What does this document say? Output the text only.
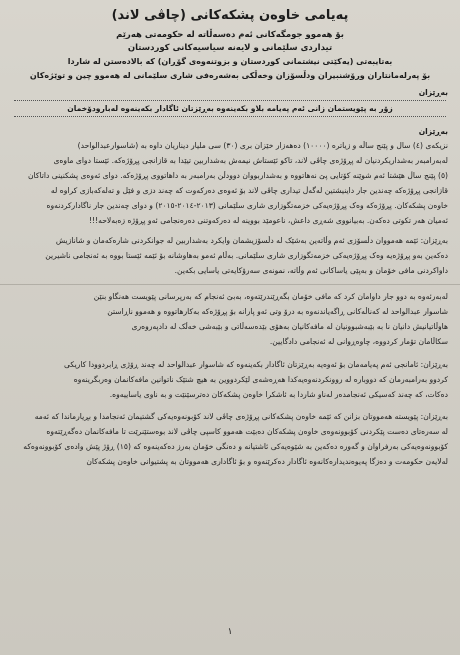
پەیامی خاوەن پشکەکانی (چاڤی لاند)
بۆ هەموو جومگەکانی ئەم دەسەڵاتە لە حکومەتی هەرێم
تیداردی سلێمانی و لایەنە سیاسیەکانی کوردستان
بەتایبەتی (یەکێتی نیشتمانی کوردستان و بزوتنەوەی گۆڕان) کە بالادەستن لە شاردا
بۆ پەرلەمانتاران ورۆشنبیران ودڵسۆزان وخەڵکی بەشەرەفی شاری سلێمانی لە هەموو چین و توێژەکان
بەڕێزان
زۆر بە پێویستمان زانی ئەم پەیامە بلاو بکەینەوە بەڕێزتان ئاگادار بکەینەوە لەبارودۆخمان
بەڕێزان
نزیکەی (٤) سال و پێنج ساڵە و زیاترە (١٠٠٠٠) دەهەزار خێزان بری (٣٠) سی ملیار دیناریان داوە بە (شاسوارعبدالواحد)
لەبەرامبەر بەشداریکردنیان لە پڕۆژەی چاڤی لاند، تاکو ئێستاش نیمەش بەشداربین تیێدا بە قازانجی پڕۆژەکە. ئێستا دوای ماوەی
(٥) پێنج ساڵ هێشتا ئەم شوێنە کۆتایی پێ نەهاتووە و بەشداربووان دوودڵن بەرامبەر بە داهاتووی پڕۆژەکە. دوای ئەوەی پشکنینی داتاکان
قازانجی پڕۆژەکە چەندین جار داینیشتین لەگەڵ تیداری چاڤی لاند بۆ ئەوەی دەرکەوت کە چەند دزی و فێل و تەلەکەبازی کراوە لە
خاوەن پشکەکان. پڕۆژەکە وەک پڕۆژەیەکی خزمەتگوزاری شاری سلێمانی (٢٠١٣-٢٠١٤-٢٠١٥) و دوای چەندین جار ناگادارکردنەوە
ئەمیان هەر تکوتی دەکەن. بەبیانووی شەڕی داعش، ناعومێد بووینە لە دەرکەوتنی دەرەنجامی ئەو پڕۆژە زەبەلاحە!!!
بەڕێزان: ئێمە هەمووان دڵسۆزی ئەم وڵاتەین بەشێک لە دڵسۆزیشمان وایکرد بەشداربین لە جوانکردنی شارەکەمان و شانازیش
دەکەین بەو پڕۆژەیە وەک پڕۆژەیەکی خزمەتگوزاری شاری سلێمانی. بەڵام ئەمو بەهاوشانە بۆ ئێمە ئێستا بووە بە ئەنجامی ناشیرین
داواکردنی مافی خۆمان و بەپێی یاساکانی ئەم وڵاتە، نمونەی سەرۆکایەتی یاسایی بکەین.
لەبەرئەوە بە دوو جار داوامان کرد کە مافی خۆمان بگەڕێندرێتەوە، بەبێ ئەنجام کە بەرپرسانی پێویست هەنگاو بنێن
شاسوار عبدالواحد لە کەناڵەکانی ڕاگەیاندنەوە بە درۆ وتی ئەو پارانە بۆ پڕۆژەکە بەکارهاتووە و هەموو ناڕاستن
هاوڵاتیانیش دانیان نا بە بێبەشبوونیان لە مافەکانیان بەهۆی بێدەسەڵاتی و بێبەشی خەڵک لە دادپەروەری
سکاڵامان تۆمار کردووە، چاوەڕوانی لە ئەنجامی دادگایین.
بەڕێزان: ئامانجی ئەم پەیامەمان بۆ ئەوەیە بەڕێزتان ئاگادار بکەینەوە کە شاسوار عبدالواحد لە چەند ڕۆژی ڕابردوودا کاریکی
کردوو بەرامبەرمان کە دووبارە لە روونکردنەوەیەکدا هەڕەشەی لێکردووین بە هیچ شتێک ناتوانین مافەکانمان وەربگرینەوە
دەکات، کە چەند کەسیکی ئەنجامدەر لەناو شاردا بە ئاشکرا خاوەن پشکەکان دەترسێنێت و بە ناوی یاساییەوە.
بەڕێزان: پێویستە هەمووتان بزانن کە ئێمە خاوەن پشکەکانی پڕۆژەی چاڤی لاند کۆبونەوەیەکی گشتیمان ئەنجامدا و بڕیارماندا کە ئەمە
لە سەرەتای دەست پێکردنی کۆبوونەوەی خاوەن پشکەکان دەبێت هەموو کاسپی چاڤی لاند بوەستێنرێت تا مافەکانمان دەگەڕێتەوە
کۆبوونەوەیەکی بەرفراوان و گەورە دەکەین بە شێوەیەکی ئاشتیانە و دەنگی خۆمان بەرز دەکەینەوە کە (١٥) ڕۆژ پێش وادەی کۆبوونەوەکە
لەلایەن حکومەت و دەزگا پەیوەندیدارەکانەوە ئاگادار دەکرێنەوە و بۆ ئاگاداری هەمووتان بە پشتیوانی خاوەن پشکەکان
١
